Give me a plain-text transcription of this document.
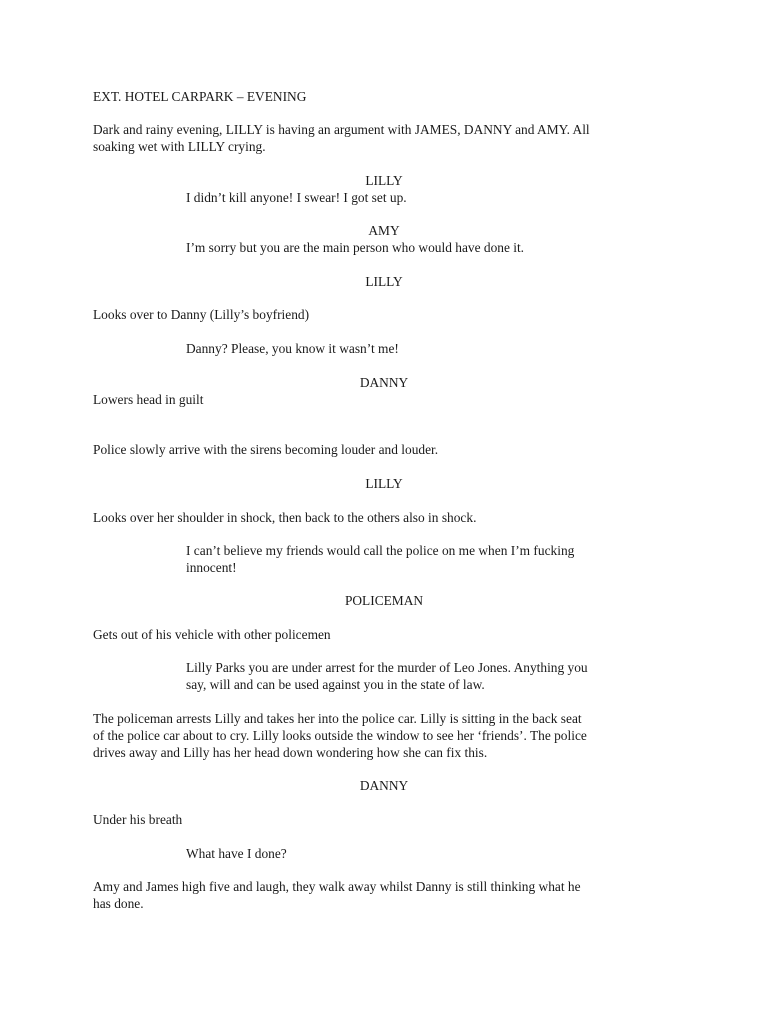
EXT. HOTEL CARPARK – EVENING
Dark and rainy evening, LILLY is having an argument with JAMES, DANNY and AMY. All
soaking wet with LILLY crying.
LILLY
I didn’t kill anyone! I swear! I got set up.
AMY
I’m sorry but you are the main person who would have done it.
LILLY
Looks over to Danny (Lilly’s boyfriend)
Danny? Please, you know it wasn’t me!
DANNY
Lowers head in guilt
Police slowly arrive with the sirens becoming louder and louder.
LILLY
Looks over her shoulder in shock, then back to the others also in shock.
I can’t believe my friends would call the police on me when I’m fucking
innocent!
POLICEMAN
Gets out of his vehicle with other policemen
Lilly Parks you are under arrest for the murder of Leo Jones. Anything you
say, will and can be used against you in the state of law.
The policeman arrests Lilly and takes her into the police car. Lilly is sitting in the back seat
of the police car about to cry. Lilly looks outside the window to see her ‘friends’. The police
drives away and Lilly has her head down wondering how she can fix this.
DANNY
Under his breath
What have I done?
Amy and James high five and laugh, they walk away whilst Danny is still thinking what he
has done.
